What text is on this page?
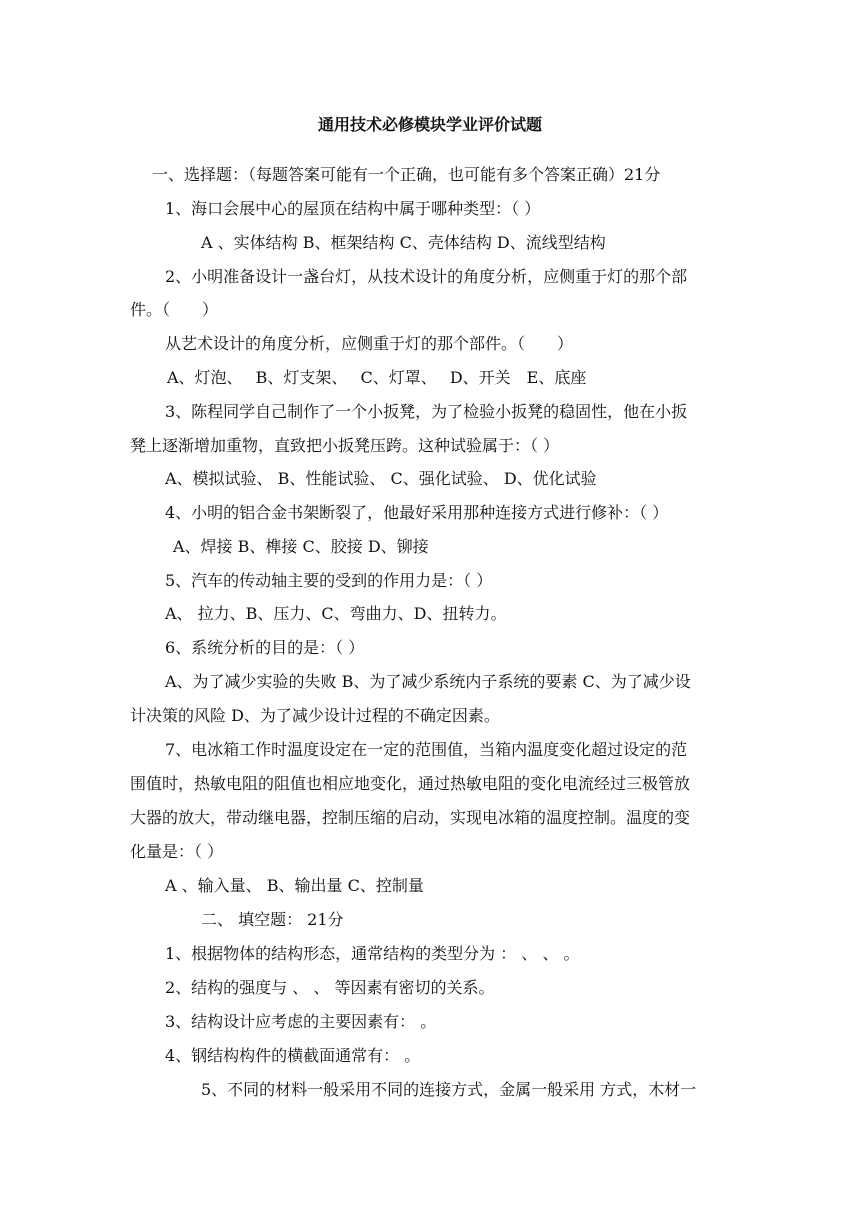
通用技术必修模块学业评价试题
一、选择题：（每题答案可能有一个正确，也可能有多个答案正确）21分
1、海口会展中心的屋顶在结构中属于哪种类型：（ ）
A 、实体结构 B、框架结构 C、壳体结构 D、流线型结构
2、小明准备设计一盏台灯，从技术设计的角度分析，应侧重于灯的那个部
件。（　　）
从艺术设计的角度分析，应侧重于灯的那个部件。（　　）
A、灯泡、　 B、灯支架、　 C、灯罩、　 D、开关　E、底座
3、陈程同学自己制作了一个小扳凳，为了检验小扳凳的稳固性，他在小扳
凳上逐渐增加重物，直致把小扳凳压跨。这种试验属于：（ ）
A、模拟试验、 B、性能试验、 C、强化试验、 D、优化试验
4、小明的铝合金书架断裂了，他最好采用那种连接方式进行修补：（ ）
A、焊接 B、榫接 C、胶接 D、铆接
5、汽车的传动轴主要的受到的作用力是：（ ）
A、 拉力、B、压力、C、弯曲力、D、扭转力。
6、系统分析的目的是：（ ）
A、为了减少实验的失败 B、为了减少系统内子系统的要素 C、为了减少设
计决策的风险 D、为了减少设计过程的不确定因素。
7、电冰箱工作时温度设定在一定的范围值，当箱内温度变化超过设定的范
围值时，热敏电阻的阻值也相应地变化，通过热敏电阻的变化电流经过三极管放
大器的放大，带动继电器，控制压缩的启动，实现电冰箱的温度控制。温度的变
化量是：（ ）
A 、输入量、 B、输出量 C、控制量
二、 填空题： 21分
1、根据物体的结构形态，通常结构的类型分为 ： 、 、 。
2、结构的强度与 、 、 等因素有密切的关系。
3、结构设计应考虑的主要因素有： 。
4、钢结构构件的横截面通常有： 。
5、不同的材料一般采用不同的连接方式，金属一般采用 方式，木材一
